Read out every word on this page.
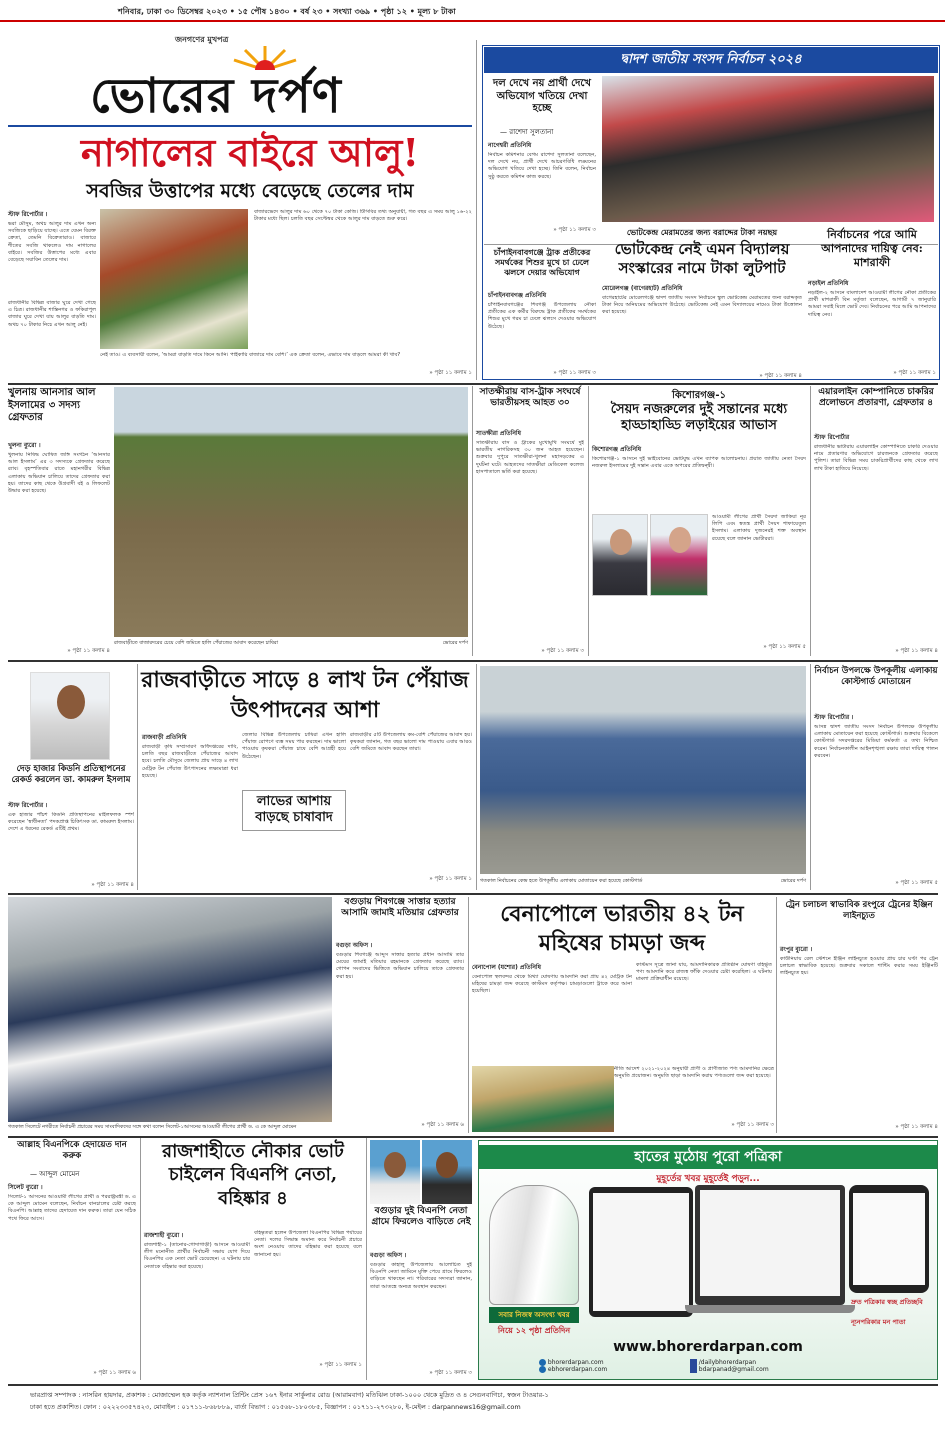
শনিবার, ঢাকা ৩০ ডিসেম্বর ২০২৩ • ১৫ পৌষ ১৪৩০ • বর্ষ ২৩ • সংখ্যা ৩৬৯ • পৃষ্ঠা ১২ • মূল্য ৮ টাকা
জনগণের মুখপত্র
ভোরের দর্পণ
দ্বাদশ জাতীয় সংসদ নির্বাচন ২০২৪
নাগালের বাইরে আলু!
সবজির উত্তাপের মধ্যে বেড়েছে তেলের দাম
স্টাফ রিপোর্টার ।
ভরা মৌসুম, অথচ আলুর দাম এখন অন্য সবজিকে ছাড়িয়ে যাচ্ছে। এতে যেমন বিরক্ত ক্রেতা, তেমনি বিক্রেতারাও। বাজারে শীতের সবজি থাকলেও দাম নাগালের বাইরে। সবজির উত্তাপের মধ্যে এবার বেড়েছে সয়াবিন তেলের দাম।
রাজধানীর বিভিন্ন বাজার ঘুরে দেখা গেছে এ চিত্র। রাজধানীর শান্তিনগর ও ফকিরাপুল বাজার ঘুরে দেখা যায় আলুর বাড়তি দাম। অথচ ৭০ টাকার নিচে এখন আলু নেই।
বাজারভেদে আলুর দাম ৬০ থেকে ৭০ টাকা কেজি। টিসিবির তথ্য অনুযায়ী, গত বছর এ সময় আলু ১৬-২২ টাকার মধ্যে ছিল। চলতি বছর সেপ্টেম্বর থেকে আলুর দাম বাড়তে শুরু করে।
নেই তাও। এ ব্যবসায়ী বলেন, ‘আমরা বাড়তি দামে কিনে আনি। পাইকারি বাজারে দাম বেশি।’ এক ক্রেতা বলেন, এভাবে দাম বাড়লে আমরা কী খাব?
» পৃষ্ঠা ১১ কলাম ১
দল দেখে নয় প্রার্থী দেখে অভিযোগ খতিয়ে দেখা হচ্ছে
— রাশেদা সুলতানা
নাগেশ্বরী প্রতিনিধি
নির্বাচন কমিশনার বেগম রাশেদা সুলতানা বলেছেন, দল দেখে নয়, প্রার্থী দেখে আচরণবিধি লঙ্ঘনের অভিযোগ খতিয়ে দেখা হচ্ছে। তিনি বলেন, নির্বাচন সুষ্ঠু করতে কমিশন কাজ করছে।
» পৃষ্ঠা ১১ কলাম ৩
চাঁপাইনবাবগঞ্জে ট্রাক প্রতীকের সমর্থকের শিশুর মুখে চা ঢেলে ঝলসে দেয়ার অভিযোগ
চাঁপাইনবাবগঞ্জ প্রতিনিধি
চাঁপাইনবাবগঞ্জের শিবগঞ্জ উপজেলায় নৌকা প্রতীকের এক কর্মীর বিরুদ্ধে ট্রাক প্রতীকের সমর্থকের শিশুর মুখে গরম চা ঢেলে ঝলসে দেওয়ার অভিযোগ উঠেছে।
» পৃষ্ঠা ১১ কলাম ৩
ভোটকেন্দ্র মেরামতের জন্য বরাদ্দের টাকা নয়ছয়
ভোটকেন্দ্র নেই এমন বিদ্যালয় সংস্কারের নামে টাকা লুটপাট
মোরেলগঞ্জ (বাগেরহাট) প্রতিনিধি
বাগেরহাটের মোরেলগঞ্জে দ্বাদশ জাতীয় সংসদ নির্বাচনে স্কুল ভোটকেন্দ্র মেরামতের জন্য বরাদ্দকৃত টাকা নিয়ে অনিয়মের অভিযোগ উঠেছে। ভোটকেন্দ্র নেই এমন বিদ্যালয়ের নামেও টাকা উত্তোলন করা হয়েছে।
» পৃষ্ঠা ১১ কলাম ৪
নির্বাচনের পরে আমি আপনাদের দায়িত্ব নেব: মাশরাফী
নড়াইল প্রতিনিধি
নড়াইল-২ আসনে বাংলাদেশ আওয়ামী লীগের নৌকা প্রতীকের প্রার্থী মাশরাফী বিন মর্তুজা বলেছেন, আগামী ৭ জানুয়ারি আমরা সবাই মিলে ভোট দেব। নির্বাচনের পরে আমি আপনাদের দায়িত্ব নেব।
» পৃষ্ঠা ১১ কলাম ১
খুলনায় আনসার আল ইসলামের ৩ সদস্য গ্রেফতার
খুলনা ব্যুরো ।
খুলনায় নিষিদ্ধ ঘোষিত জঙ্গি সংগঠন ‘আনসার আল ইসলাম’ এর ৩ সদস্যকে গ্রেফতার করেছে র‌্যাব। বৃহস্পতিবার রাতে মহানগরীর বিভিন্ন এলাকায় অভিযান চালিয়ে তাদের গ্রেফতার করা হয়। তাদের কাছ থেকে উগ্রবাদী বই ও লিফলেট উদ্ধার করা হয়েছে।
» পৃষ্ঠা ১১ কলাম ৪
রাজবাড়ীতে বাজারদরের চেয়ে বেশি জমিতে হালি পেঁয়াজের আবাদ করেছেন চাষিরা	ভোরের দর্পণ
সাতক্ষীরায় বাস-ট্রাক সংঘর্ষে ভারতীয়সহ আহত ৩০
সাতক্ষীরা প্রতিনিধি
সাতক্ষীরায় বাস ও ট্রাকের মুখোমুখি সংঘর্ষে দুই ভারতীয় নাগরিকসহ ৩০ জন আহত হয়েছেন। শুক্রবার দুপুরে সাতক্ষীরা-খুলনা মহাসড়কের এ দুর্ঘটনা ঘটে। আহতদের সাতক্ষীরা মেডিকেল কলেজ হাসপাতালে ভর্তি করা হয়েছে।
» পৃষ্ঠা ১১ কলাম ৩
কিশোরগঞ্জ-১
সৈয়দ নজরুলের দুই সন্তানের মধ্যে হাড্ডাহাড্ডি লড়াইয়ের আভাস
কিশোরগঞ্জ প্রতিনিধি
কিশোরগঞ্জ-১ আসনে দুই ভাইবোনের ভোটযুদ্ধ এখন ব্যাপক আলোচনায়। প্রয়াত জাতীয় নেতা সৈয়দ নজরুল ইসলামের দুই সন্তান এবার একে অপরের প্রতিদ্বন্দ্বী।
আওয়ামী লীগের প্রার্থী সৈয়দা জাকিয়া নূর লিপি এবং স্বতন্ত্র প্রার্থী সৈয়দ শাফায়েতুল ইসলাম। এলাকায় দুজনেরই শক্ত অবস্থান রয়েছে বলে জানান ভোটাররা।
» পৃষ্ঠা ১১ কলাম ৫
এয়ারলাইন কোম্পানিতে চাকরির প্রলোভনে প্রতারণা, গ্রেফতার ৪
স্টাফ রিপোর্টার
রাজধানীর ভাটারায় এয়ারলাইন কোম্পানিতে চাকরি দেওয়ার নামে প্রতারণার অভিযোগে চারজনকে গ্রেফতার করেছে পুলিশ। তারা বিভিন্ন সময় চাকরিপ্রার্থীদের কাছ থেকে লাখ লাখ টাকা হাতিয়ে নিয়েছে।
» পৃষ্ঠা ১১ কলাম ৪
দেড় হাজার কিডনি প্রতিস্থাপনের রেকর্ড করলেন ডা. কামরুল ইসলাম
স্টাফ রিপোর্টার ।
এক হাজার পাঁচশ কিডনি প্রতিস্থাপনের মাইলফলক স্পর্শ করেছেন ‘স্বাধীনতা’ পদকপ্রাপ্ত চিকিৎসক ডা. কামরুল ইসলাম। দেশে এ ধরনের রেকর্ড এটিই প্রথম।
» পৃষ্ঠা ১১ কলাম ৪
রাজবাড়ীতে সাড়ে ৪ লাখ টন পেঁয়াজ উৎপাদনের আশা
রাজবাড়ী প্রতিনিধি
রাজবাড়ী কৃষি সম্প্রসারণ অধিদপ্তরের দাবি, চলতি বছর রাজবাড়ীতে পেঁয়াজের আবাদ হবে। চলতি মৌসুমে জেলায় প্রায় সাড়ে ৪ লাখ মেট্রিক টন পেঁয়াজ উৎপাদনের লক্ষ্যমাত্রা ধরা হয়েছে।
লাভের আশায় বাড়ছে চাষাবাদ
জেলার বিভিন্ন উপজেলায় চাষিরা এখন হালি পেঁয়াজ রোপণে ব্যস্ত সময় পার করছেন। দাম ভালো পাওয়ায় কৃষকরা পেঁয়াজ চাষে বেশি আগ্রহী হয়ে উঠেছেন।
রাজবাড়ীর ৫টি উপজেলায় কম-বেশি পেঁয়াজের আবাদ হয়। কৃষকরা জানান, গত বছর ভালো দাম পাওয়ায় এবার আরও বেশি জমিতে আবাদ করছেন তারা।
» পৃষ্ঠা ১১ কলাম ১ গতকাল নির্বাচনের কেন্দ্র হতে উপকূলীয় এলাকায় মোতায়েন করা হয়েছে কোস্টগার্ড	ভোরের দর্পণ
নির্বাচন উপলক্ষে উপকূলীয় এলাকায় কোস্টগার্ড মোতায়েন
স্টাফ রিপোর্টার ।
আসন্ন দ্বাদশ জাতীয় সংসদ নির্বাচন উপলক্ষে উপকূলীয় এলাকায় মোতায়েন করা হয়েছে কোস্টগার্ড। শুক্রবার বিকেলে কোস্টগার্ড সদরদপ্তরের মিডিয়া কর্মকর্তা এ তথ্য নিশ্চিত করেন। নির্বাচনকালীন আইনশৃঙ্খলা রক্ষায় তারা দায়িত্ব পালন করবেন।
» পৃষ্ঠা ১১ কলাম ৫
গতকাল সিলেটে নগরীতে নির্বাচনী প্রচারের সময় সাংবাদিকদের সঙ্গে কথা বলেন সিলেট-১আসনের আওয়ামী লীগের প্রার্থী ড. এ কে আব্দুল মোমেন
বগুড়ায় শিবগঞ্জে সাত্তার হত্যার আসামি জামাই মতিয়ার গ্রেফতার
বগুড়া অফিস ।
বগুড়ার শিবগঞ্জে আব্দুস সাত্তার হত্যার প্রধান আসামি তার মেয়ের জামাই মতিয়ার রহমানকে গ্রেফতার করেছে র‌্যাব। গোপন সংবাদের ভিত্তিতে অভিযান চালিয়ে তাকে গ্রেফতার করা হয়।
» পৃষ্ঠা ১১ কলাম ৬
বেনাপোলে ভারতীয় ৪২ টন মহিষের চামড়া জব্দ
বেনাপোল (যশোর) প্রতিনিধি
বেনাপোল স্থলবন্দর থেকে মিথ্যা ঘোষণায় আমদানি করা প্রায় ৪২ মেট্রিক টন মহিষের চামড়া জব্দ করেছে কাস্টমস কর্তৃপক্ষ। চামড়াগুলো ট্রাকে করে আনা হয়েছিল।
কাস্টমস সূত্রে জানা যায়, আমদানিকারক প্রতিষ্ঠান ঘোষণা বহির্ভূত পণ্য আমদানি করে রাজস্ব ফাঁকি দেওয়ার চেষ্টা করেছিল। এ ঘটনায় মামলা প্রক্রিয়াধীন রয়েছে।
নীতি আদেশ ২০২১-২০২৪ অনুযায়ী প্রাণী ও প্রাণীজাত পণ্য আমদানির ক্ষেত্রে অনুমতি প্রয়োজন। অনুমতি ছাড়া আমদানি করায় পণ্যগুলো জব্দ করা হয়েছে।
» পৃষ্ঠা ১১ কলাম ৩
ট্রেন চলাচল স্বাভাবিক রংপুরে ট্রেনের ইঞ্জিন লাইনচ্যুত
রংপুর ব্যুরো ।
কাউনিয়ায় রেল স্টেশনে ইঞ্জিন লাইনচ্যুত হওয়ার প্রায় চার ঘণ্টা পর ট্রেন চলাচল স্বাভাবিক হয়েছে। শুক্রবার সকালে শান্টিং করার সময় ইঞ্জিনটি লাইনচ্যুত হয়।
» পৃষ্ঠা ১১ কলাম ৪
আল্লাহ বিএনপিকে হেদায়েত দান করুক
— আব্দুল মোমেন
সিলেট ব্যুরো ।
সিলেট-১ আসনের আওয়ামী লীগের প্রার্থী ও পররাষ্ট্রমন্ত্রী ড. এ কে আব্দুল মোমেন বলেছেন, নির্বাচন বানচালের চেষ্টা করছে বিএনপি। আল্লাহ তাদের হেদায়েত দান করুক। তারা যেন সঠিক পথে ফিরে আসে।
» পৃষ্ঠা ১১ কলাম ৬
রাজশাহীতে নৌকার ভোট চাইলেন বিএনপি নেতা, বহিষ্কার ৪
রাজশাহী ব্যুরো ।
রাজশাহী-১ (তানোর-গোদাগাড়ী) আসনে আওয়ামী লীগ মনোনীত প্রার্থীর নির্বাচনী সভায় যোগ দিয়ে বিএনপির এক নেতা ভোট চেয়েছেন। এ ঘটনায় চার নেতাকে বহিষ্কার করা হয়েছে।
বহিষ্কৃতরা হলেন উপজেলা বিএনপির বিভিন্ন পর্যায়ের নেতা। দলের সিদ্ধান্ত অমান্য করে নির্বাচনী প্রচারে অংশ নেওয়ায় তাদের বহিষ্কার করা হয়েছে বলে জানানো হয়।
» পৃষ্ঠা ১১ কলাম ১
বগুড়ার দুই বিএনপি নেতা গ্রামে ফিরলেও বাড়িতে নেই
বগুড়া অফিস ।
বগুড়ার কাহালু উপজেলায় আলোচিত দুই বিএনপি নেতা জামিনে মুক্তি পেয়ে গ্রামে ফিরলেও বাড়িতে থাকছেন না। পরিবারের সদস্যরা জানান, তারা আতঙ্কে অন্যত্র অবস্থান করছেন।
» পৃষ্ঠা ১১ কলাম ৩
হাতের মুঠোয় পুরো পত্রিকা
মুহূর্তের খবর মুহূর্তেই পড়ুন...
সবার নিজস্ব অসংখ্য খবর
নিয়ে ১২ পৃষ্ঠা প্রতিদিন
দ্রুত পত্রিকার স্বচ্ছ প্রতিচ্ছবি
ন্যূনপরিকার মন পাতা
www.bhorerdarpan.com
bhorerdarpan.com	/dailybhorerdarpan
ebhorerdarpan.com	bdarpanad@gmail.com
ভারপ্রাপ্ত সম্পাদক : নাসরিন হায়দার, প্রকাশক : মোজাম্মেল হক কর্তৃক ন্যাশনাল প্রিন্টিং প্রেস ১৬৭ ইনার সার্কুলার রোড (আরামবাগ) মতিঝিল ঢাকা-১০০০ থেকে মুদ্রিত ও ৪ সেগুনবাগিচা, স্বজন টাওয়ার-১
ঢাকা হতে প্রকাশিত। ফোন : ০২২২৩৩৫৭৪২৩, মোবাইল : ০১৭১১-৮৬৮৮৮৯, বার্তা বিভাগ : ০১৫৬৮-১৮০৩৮৫, বিজ্ঞাপন : ০১৭১১-২৭৩২৮০, ই-মেইল : darpannews16@gmail.com
